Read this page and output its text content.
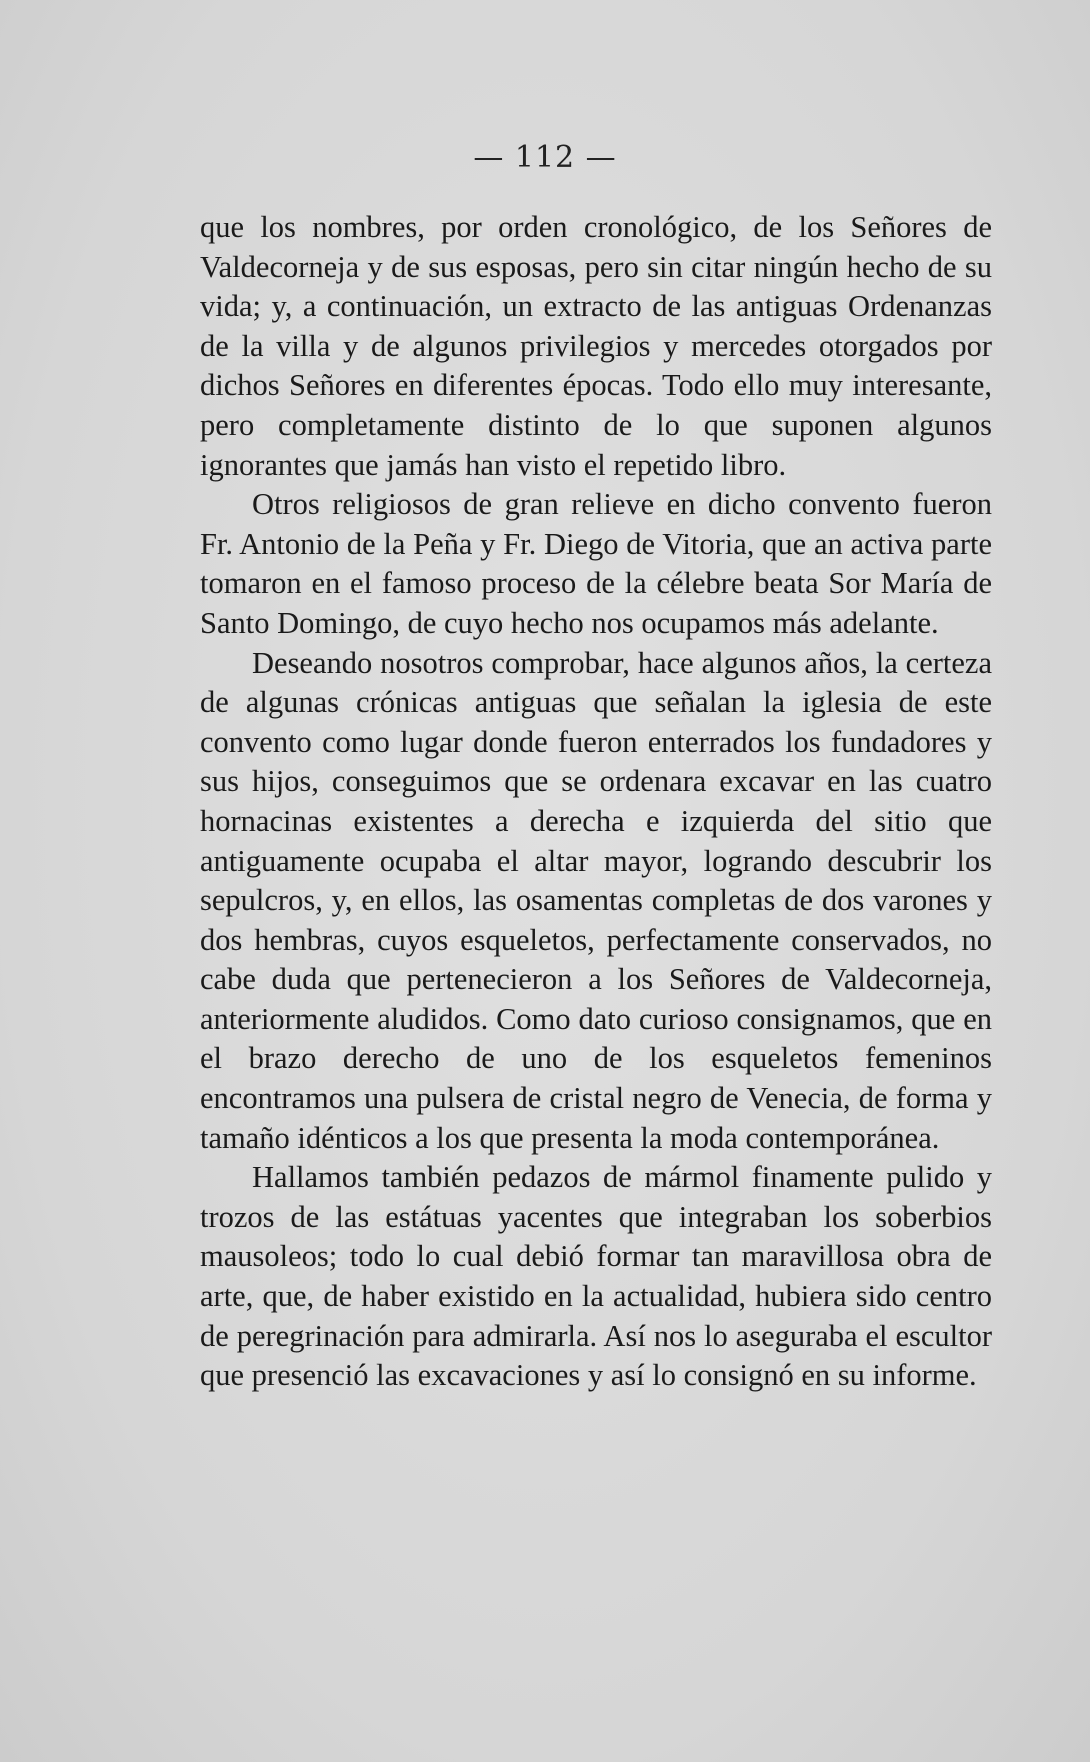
— 112 —

que los nombres, por orden cronológico, de los Señores de Valdecorneja y de sus esposas, pero sin citar ningún hecho de su vida; y, a continuación, un extracto de las antiguas Ordenanzas de la villa y de algunos privilegios y mercedes otorgados por dichos Señores en diferentes épocas. Todo ello muy interesante, pero completamente distinto de lo que suponen algunos ignorantes que jamás han visto el repetido libro.

Otros religiosos de gran relieve en dicho convento fueron Fr. Antonio de la Peña y Fr. Diego de Vitoria, que an activa parte tomaron en el famoso proceso de la célebre beata Sor María de Santo Domingo, de cuyo hecho nos ocupamos más adelante.

Deseando nosotros comprobar, hace algunos años, la certeza de algunas crónicas antiguas que señalan la iglesia de este convento como lugar donde fueron enterrados los fundadores y sus hijos, conseguimos que se ordenara excavar en las cuatro hornacinas existentes a derecha e izquierda del sitio que antiguamente ocupaba el altar mayor, logrando descubrir los sepulcros, y, en ellos, las osamentas completas de dos varones y dos hembras, cuyos esqueletos, perfectamente conservados, no cabe duda que pertenecieron a los Señores de Valdecorneja, anteriormente aludidos. Como dato curioso consignamos, que en el brazo derecho de uno de los esqueletos femeninos encontramos una pulsera de cristal negro de Venecia, de forma y tamaño idénticos a los que presenta la moda contemporánea.

Hallamos también pedazos de mármol finamente pulido y trozos de las estátuas yacentes que integraban los soberbios mausoleos; todo lo cual debió formar tan maravillosa obra de arte, que, de haber existido en la actualidad, hubiera sido centro de peregrinación para admirarla. Así nos lo aseguraba el escultor que presenció las excavaciones y así lo consignó en su informe.
